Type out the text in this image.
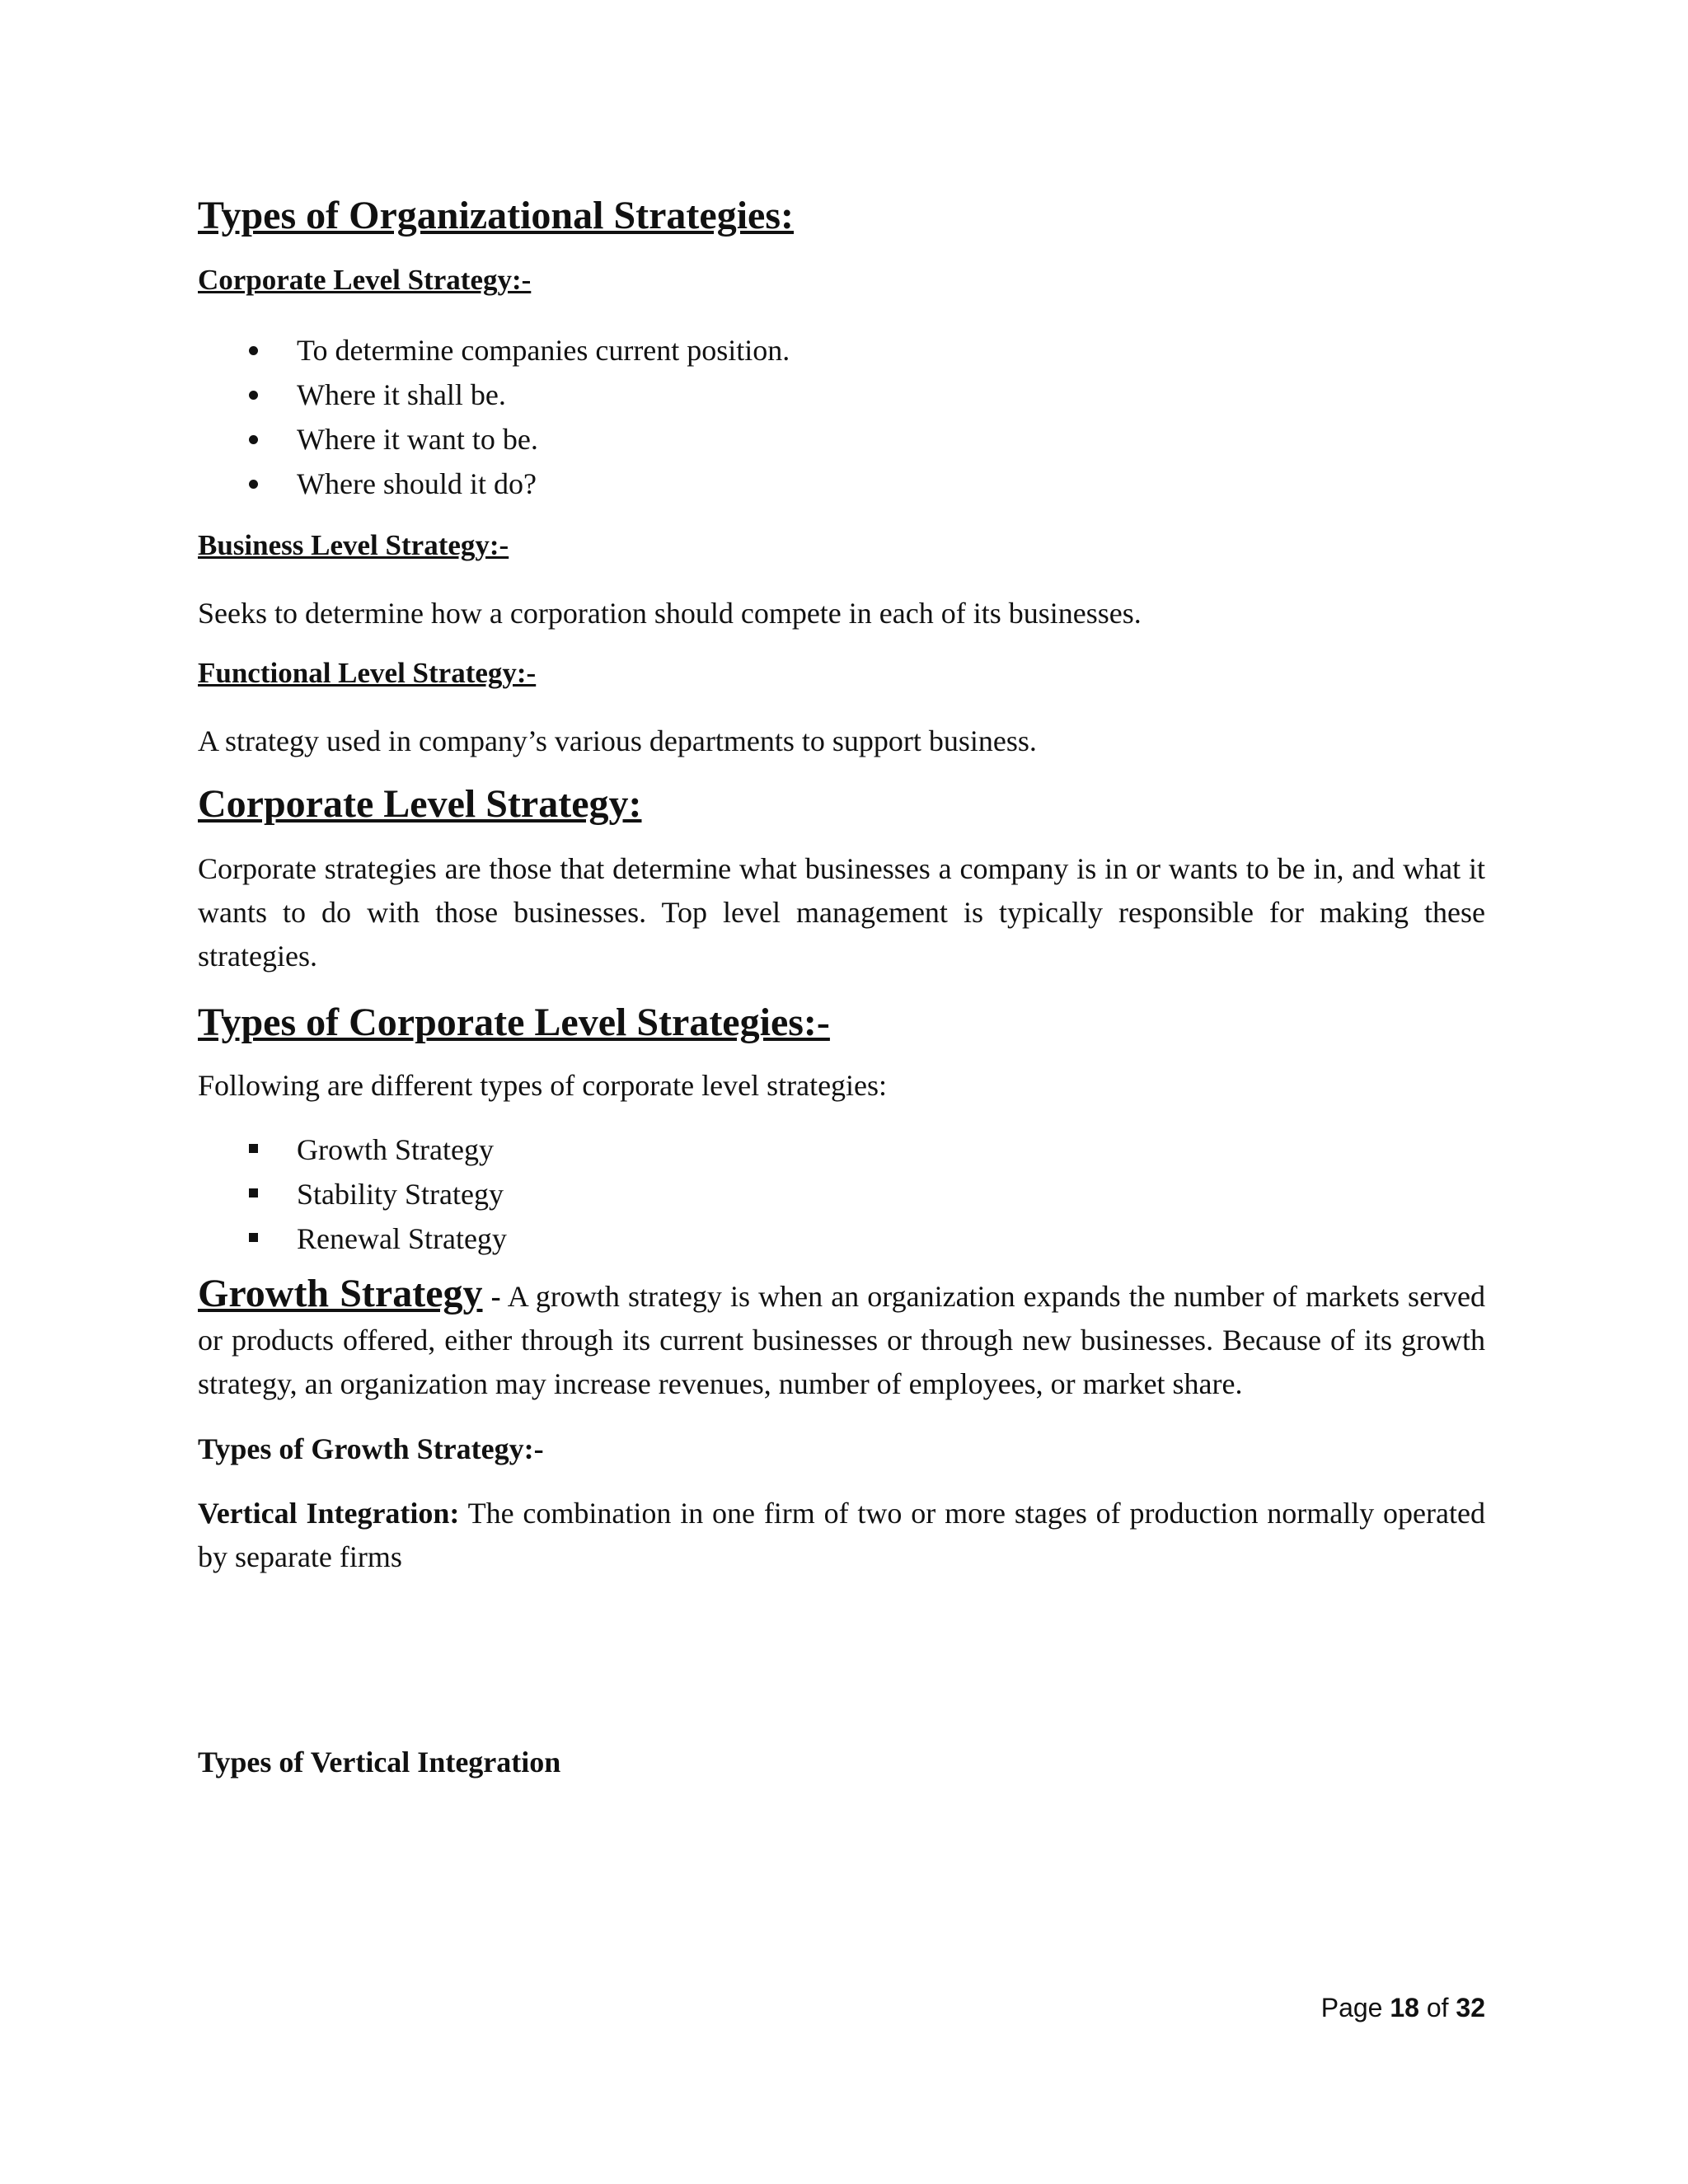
Types of Organizational Strategies:
Corporate Level Strategy:-
To determine companies current position.
Where it shall be.
Where it want to be.
Where should it do?
Business Level Strategy:-

Seeks to determine how a corporation should compete in each of its businesses.

Functional Level Strategy:-

A strategy used in company’s various departments to support business.

Corporate Level Strategy:

Corporate strategies are those that determine what businesses a company is in or wants to be in, and what it wants to do with those businesses. Top level management is typically responsible for making these strategies.

Types of Corporate Level Strategies:-

Following are different types of corporate level strategies:

Growth Strategy
Stability Strategy
Renewal Strategy

Growth Strategy - A growth strategy is when an organization expands the number of markets served or products offered, either through its current businesses or through new businesses. Because of its growth strategy, an organization may increase revenues, number of employees, or market share.

Types of Growth Strategy:-

Vertical Integration: The combination in one firm of two or more stages of production normally operated by separate firms

Types of Vertical Integration
Page 18 of 32
